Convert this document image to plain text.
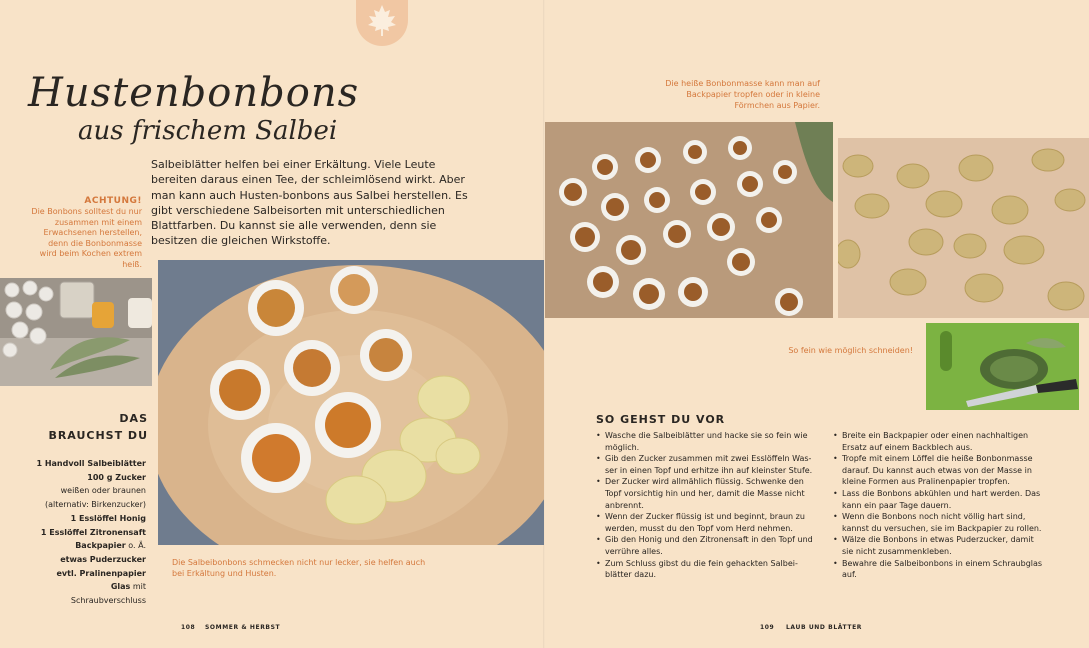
Hustenbonbons
aus frischem Salbei
Salbeiblätter helfen bei einer Erkältung. Viele Leute bereiten daraus einen Tee, der schleimlösend wirkt. Aber man kann auch Husten-bonbons aus Salbei herstellen. Es gibt verschiedene Salbeisorten mit unterschiedlichen Blattfarben. Du kannst sie alle verwenden, denn sie besitzen die gleichen Wirkstoffe.
ACHTUNG!
Die Bonbons solltest du nur zusammen mit einem Erwachsenen herstellen, denn die Bonbonmasse wird beim Kochen extrem heiß.
Die Salbeibonbons schmecken nicht nur lecker, sie helfen auch bei Erkältung und Husten.
DAS
BRAUCHST DU
1 Handvoll Salbeiblätter
100 g Zucker
weißen oder braunen
(alternativ: Birkenzucker)
1 Esslöffel Honig
1 Esslöffel Zitronensaft
Backpapier o. Ä.
etwas Puderzucker
evtl. Pralinenpapier
Glas mit
Schraubverschluss
Die heiße Bonbonmasse kann man auf Backpapier tropfen oder in kleine Förmchen aus Papier.
So fein wie möglich schneiden!
SO GEHST DU VOR
• Wasche die Salbeiblätter und hacke sie so fein wie möglich.
• Gib den Zucker zusammen mit zwei Esslöffeln Was-ser in einen Topf und erhitze ihn auf kleinster Stufe.
• Der Zucker wird allmählich flüssig. Schwenke den Topf vorsichtig hin und her, damit die Masse nicht anbrennt.
• Wenn der Zucker flüssig ist und beginnt, braun zu werden, musst du den Topf vom Herd nehmen.
• Gib den Honig und den Zitronensaft in den Topf und verrühre alles.
• Zum Schluss gibst du die fein gehackten Salbei-blätter dazu.
• Breite ein Backpapier oder einen nachhaltigen Ersatz auf einem Backblech aus.
• Tropfe mit einem Löffel die heiße Bonbonmasse darauf. Du kannst auch etwas von der Masse in kleine Formen aus Pralinenpapier tropfen.
• Lass die Bonbons abkühlen und hart werden. Das kann ein paar Tage dauern.
• Wenn die Bonbons noch nicht völlig hart sind, kannst du versuchen, sie im Backpapier zu rollen.
• Wälze die Bonbons in etwas Puderzucker, damit sie nicht zusammenkleben.
• Bewahre die Salbeibonbons in einem Schraubglas auf.
108 SOMMER & HERBST	109 LAUB UND BLÄTTER
